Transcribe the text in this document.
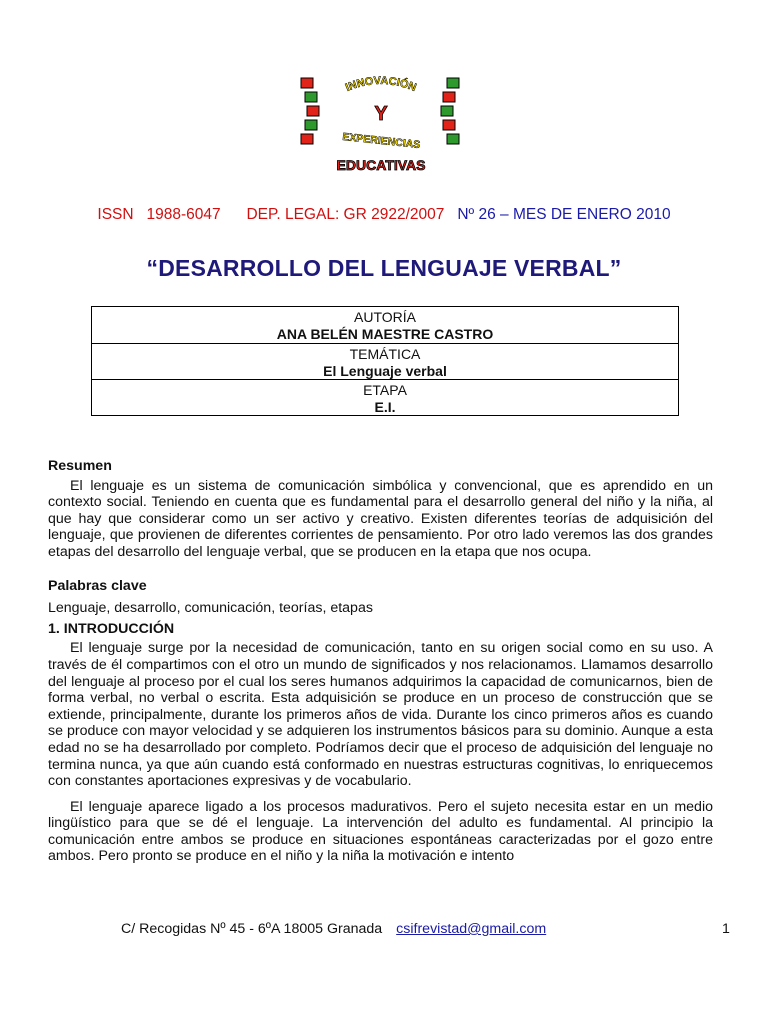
INNOVACIÓN
Y
EXPERIENCIAS
EDUCATIVAS
ISSN 1988-6047 DEP. LEGAL: GR 2922/2007 Nº 26 – MES DE ENERO 2010
“DESARROLLO DEL LENGUAJE VERBAL”
AUTORÍA
ANA BELÉN MAESTRE CASTRO
TEMÁTICA
El Lenguaje verbal
ETAPA
E.I.

Resumen

El lenguaje es un sistema de comunicación simbólica y convencional, que es aprendido en un contexto social. Teniendo en cuenta que es fundamental para el desarrollo general del niño y la niña, al que hay que considerar como un ser activo y creativo. Existen diferentes teorías de adquisición del lenguaje, que provienen de diferentes corrientes de pensamiento. Por otro lado veremos las dos grandes etapas del desarrollo del lenguaje verbal, que se producen en la etapa que nos ocupa.

Palabras clave

Lenguaje, desarrollo, comunicación, teorías, etapas

1. INTRODUCCIÓN

El lenguaje surge por la necesidad de comunicación, tanto en su origen social como en su uso. A través de él compartimos con el otro un mundo de significados y nos relacionamos. Llamamos desarrollo del lenguaje al proceso por el cual los seres humanos adquirimos la capacidad de comunicarnos, bien de forma verbal, no verbal o escrita. Esta adquisición se produce en un proceso de construcción que se extiende, principalmente, durante los primeros años de vida. Durante los cinco primeros años es cuando se produce con mayor velocidad y se adquieren los instrumentos básicos para su dominio. Aunque a esta edad no se ha desarrollado por completo. Podríamos decir que el proceso de adquisición del lenguaje no termina nunca, ya que aún cuando está conformado en nuestras estructuras cognitivas, lo enriquecemos con constantes aportaciones expresivas y de vocabulario.

El lenguaje aparece ligado a los procesos madurativos. Pero el sujeto necesita estar en un medio lingüístico para que se dé el lenguaje. La intervención del adulto es fundamental. Al principio la comunicación entre ambos se produce en situaciones espontáneas caracterizadas por el gozo entre ambos. Pero pronto se produce en el niño y la niña la motivación e intento

C/ Recogidas Nº 45 - 6ºA 18005 Granada csifrevistad@gmail.com	1
